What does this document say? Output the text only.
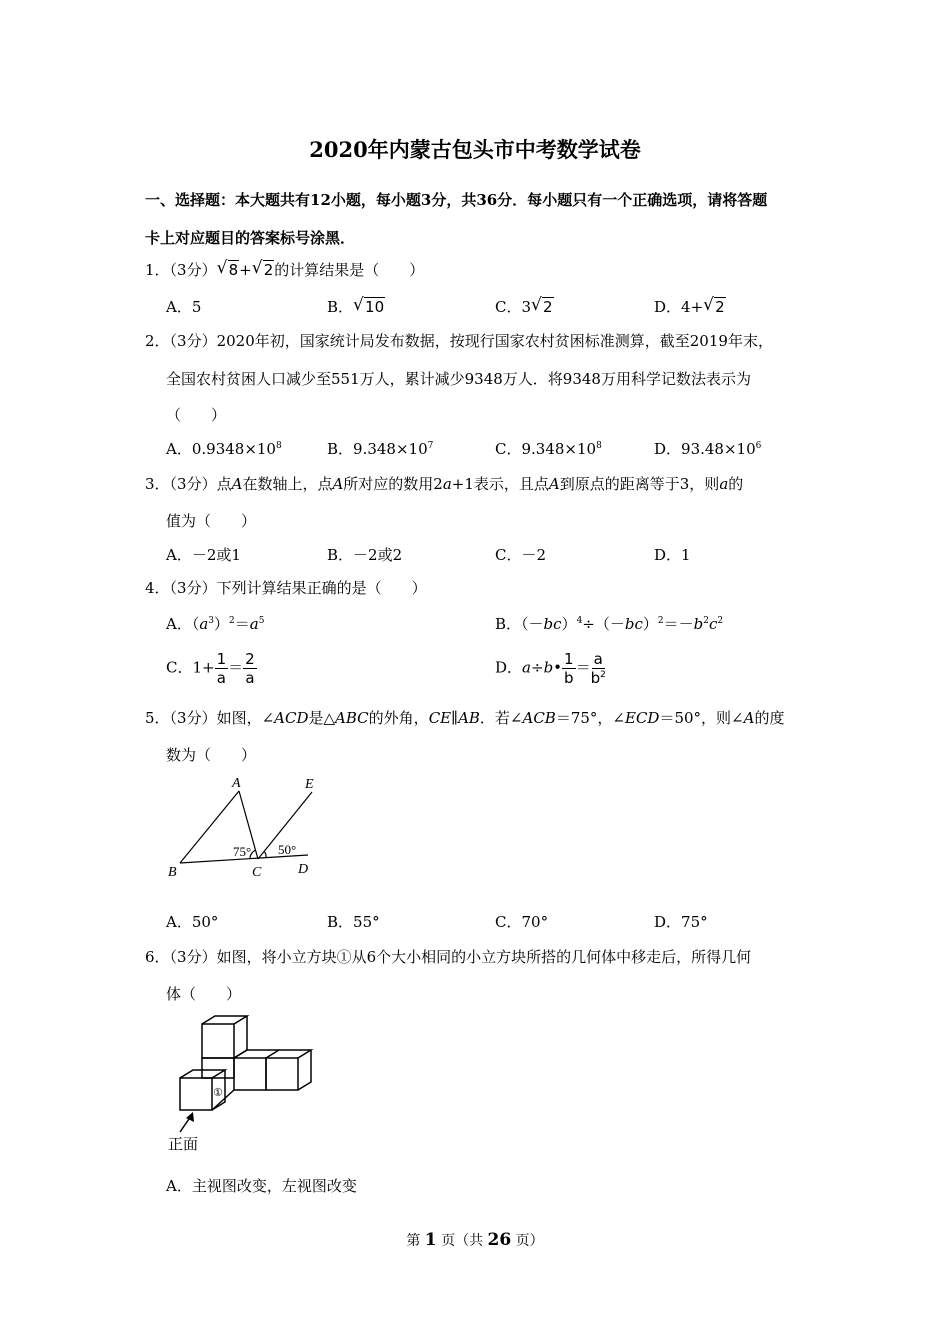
2020年内蒙古包头市中考数学试卷
一、选择题：本大题共有12小题，每小题3分，共36分．每小题只有一个正确选项，请将答题
卡上对应题目的答案标号涂黑．
1．（3分） √ 8+ √ 2的计算结果是（　　）
A．5	B． √ 10	C．3 √ 2	D．4+ √ 2
2．（3分）2020年初，国家统计局发布数据，按现行国家农村贫困标准测算，截至2019年末，
全国农村贫困人口减少至551万人，累计减少9348万人．将9348万用科学记数法表示为
（　　）
A．$0.9348\times 10^8$	B．$9.348\times 10^7$	C．$9.348\times 10^8$	D．$93.48\times 10^6$
3．（3分）点A在数轴上，点A所对应的数用2a+1表示，且点A到原点的距离等于3，则a的
值为（　　）
A．－2或1	B．－2或2	C．－2	D．1
4．（3分）下列计算结果正确的是（　　）
A．$(a^3)^2=a^5$	B．$(-bc)^4\div(-bc)^2=-b^2c^2$
C．$1+ \frac{1}{a} = \frac{2}{a}$	D．a÷b• $\frac{1}{b} = \frac{a}{b^2}$
5．（3分）如图，∠ACD是△ABC的外角，CE∥AB．若∠ACB＝75°，∠ECD＝50°，则∠A的度
数为（　　）
A
B	C	D
E
75° 50°
A．50°	B．55°	C．70°	D．75°
6．（3分）如图，将小立方块①从6个大小相同的小立方块所搭的几何体中移走后，所得几何
体（　　）
①
正面
A．主视图改变，左视图改变
第 1 页（共 26 页）
